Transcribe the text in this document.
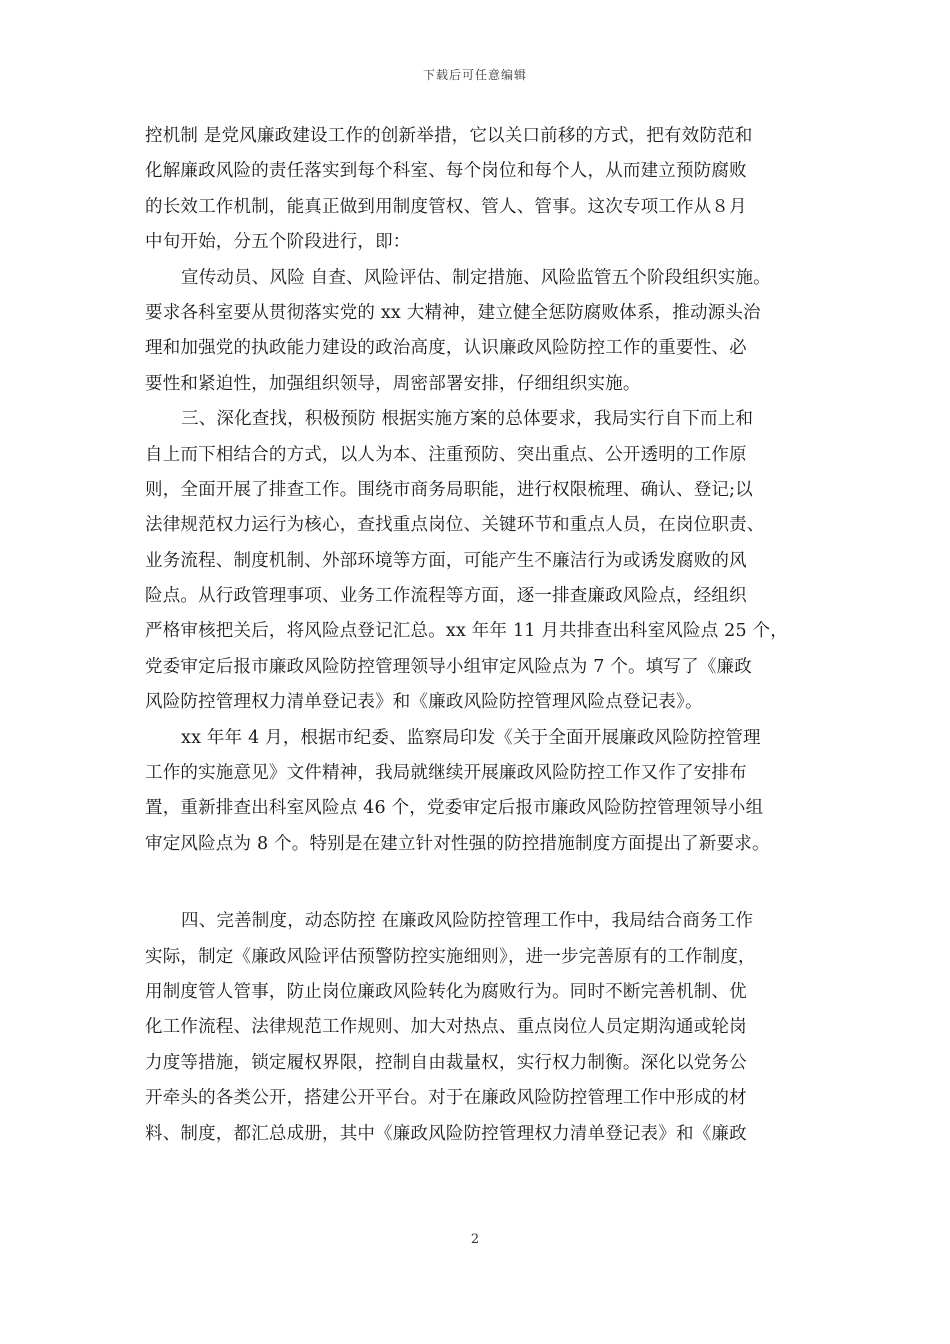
下载后可任意编辑
控机制 是党风廉政建设工作的创新举措，它以关口前移的方式，把有效防范和
化解廉政风险的责任落实到每个科室、每个岗位和每个人，从而建立预防腐败
的长效工作机制，能真正做到用制度管权、管人、管事。这次专项工作从８月
中旬开始，分五个阶段进行，即：
宣传动员、风险 自查、风险评估、制定措施、风险监管五个阶段组织实施。
要求各科室要从贯彻落实党的 xx 大精神，建立健全惩防腐败体系，推动源头治
理和加强党的执政能力建设的政治高度，认识廉政风险防控工作的重要性、必
要性和紧迫性，加强组织领导，周密部署安排，仔细组织实施。
三、深化查找，积极预防 根据实施方案的总体要求，我局实行自下而上和
自上而下相结合的方式，以人为本、注重预防、突出重点、公开透明的工作原
则，全面开展了排查工作。围绕市商务局职能，进行权限梳理、确认、登记;以
法律规范权力运行为核心，查找重点岗位、关键环节和重点人员，在岗位职责、
业务流程、制度机制、外部环境等方面，可能产生不廉洁行为或诱发腐败的风
险点。从行政管理事项、业务工作流程等方面，逐一排查廉政风险点，经组织
严格审核把关后，将风险点登记汇总。xx 年年 11 月共排查出科室风险点 25 个，
党委审定后报市廉政风险防控管理领导小组审定风险点为 7 个。填写了《廉政
风险防控管理权力清单登记表》和《廉政风险防控管理风险点登记表》。
xx 年年 4 月，根据市纪委、监察局印发《关于全面开展廉政风险防控管理
工作的实施意见》文件精神，我局就继续开展廉政风险防控工作又作了安排布
置，重新排查出科室风险点 46 个，党委审定后报市廉政风险防控管理领导小组
审定风险点为 8 个。特别是在建立针对性强的防控措施制度方面提出了新要求。
四、完善制度，动态防控 在廉政风险防控管理工作中，我局结合商务工作
实际，制定《廉政风险评估预警防控实施细则》，进一步完善原有的工作制度，
用制度管人管事，防止岗位廉政风险转化为腐败行为。同时不断完善机制、优
化工作流程、法律规范工作规则、加大对热点、重点岗位人员定期沟通或轮岗
力度等措施，锁定履权界限，控制自由裁量权，实行权力制衡。深化以党务公
开牵头的各类公开，搭建公开平台。对于在廉政风险防控管理工作中形成的材
料、制度，都汇总成册，其中《廉政风险防控管理权力清单登记表》和《廉政
2
